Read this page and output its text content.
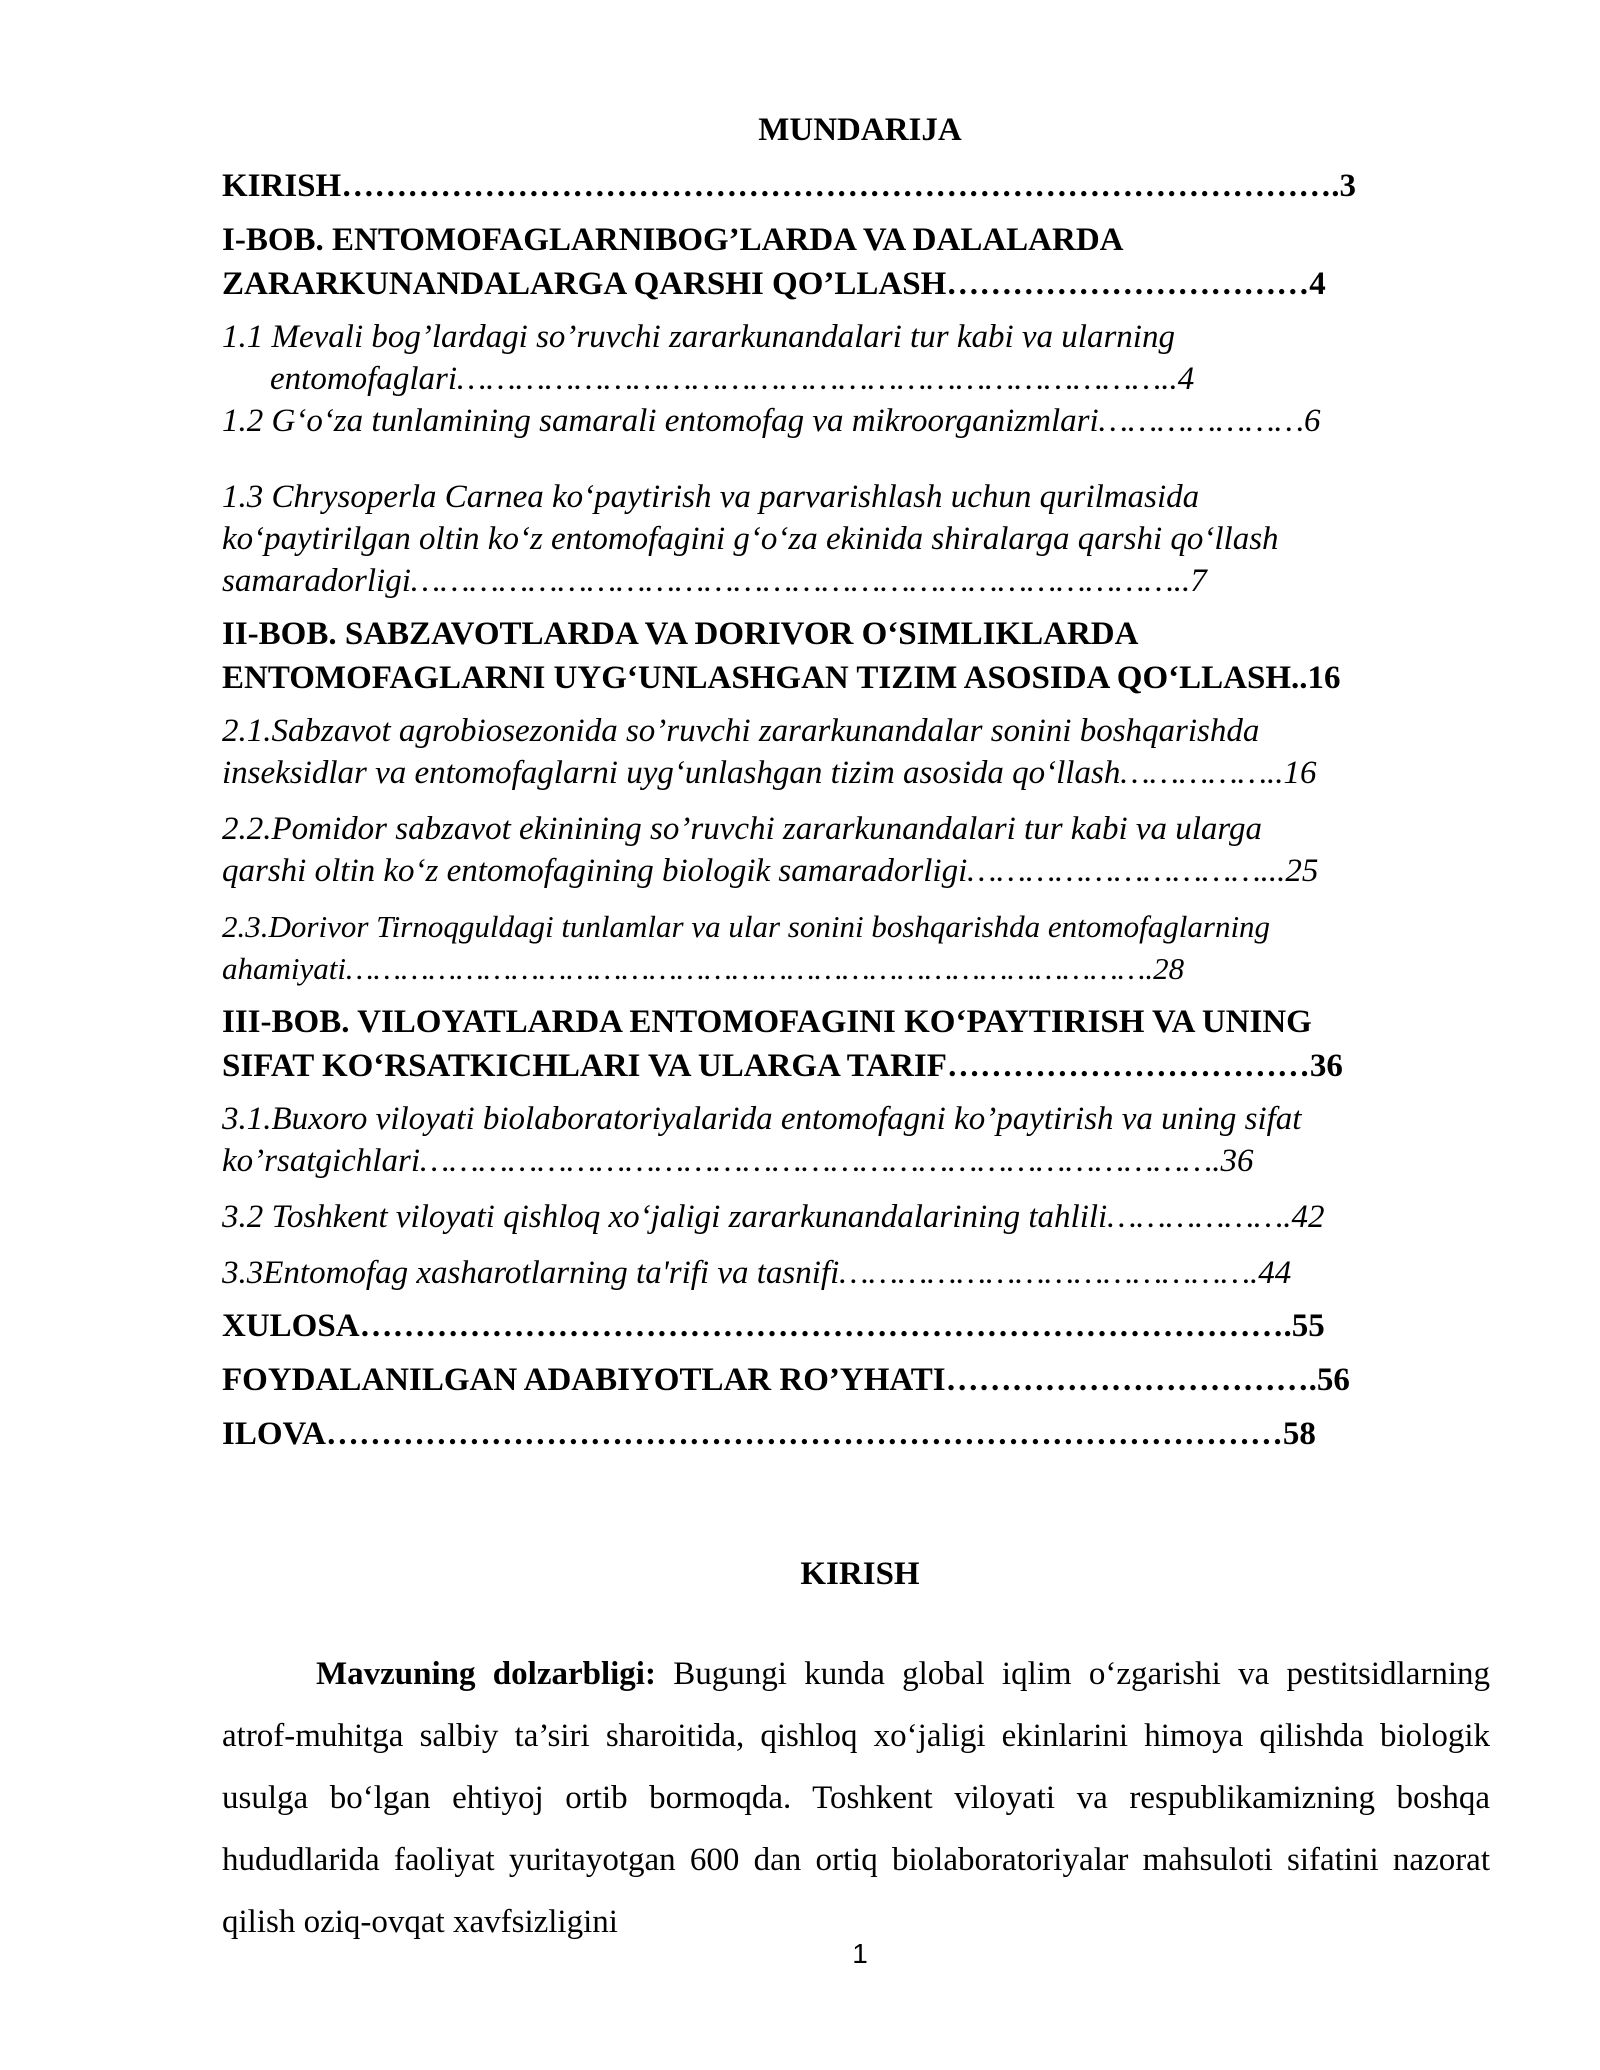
MUNDARIJA
KIRISH……………………………………………………………………………….3
I-BOB. ENTOMOFAGLARNIBOG’LARDA VA DALALARDA
ZARARKUNANDALARGA QARSHI QO’LLASH……………………………4
1.1 Mevali bog’lardagi so’ruvchi zararkunandalari tur kabi va ularning
entomofaglari………………………………………………………………..4
1.2 G‘o‘za tunlamining samarali entomofag va mikroorganizmlari…………………6
1.3 Chrysoperla Carnea ko‘paytirish va parvarishlash uchun qurilmasida
ko‘paytirilgan oltin ko‘z entomofagini g‘o‘za ekinida shiralarga qarshi qo‘llash
samaradorligi……………………………………………………………………..7
II-BOB. SABZAVOTLARDA VA DORIVOR O‘SIMLIKLARDA
ENTOMOFAGLARNI UYG‘UNLASHGAN TIZIM ASOSIDA QO‘LLASH..16
2.1.Sabzavot agrobiosezonida so’ruvchi zararkunandalar sonini boshqarishda
inseksidlar va entomofaglarni uyg‘unlashgan tizim asosida qo‘llash……………..16
2.2.Pomidor sabzavot ekinining so’ruvchi zararkunandalari tur kabi va ularga
qarshi oltin ko‘z entomofagining biologik samaradorligi…………………………...25
2.3.Dorivor Tirnoqguldagi tunlamlar va ular sonini boshqarishda entomofaglarning
ahamiyati…………………………………………………………………………….28
III-BOB. VILOYATLARDA ENTOMOFAGINI KO‘PAYTIRISH VA UNING
SIFAT KO‘RSATKICHLARI VA ULARGA TARIF……………………………36
3.1.Buxoro viloyati biolaboratoriyalarida entomofagni ko’paytirish va uning sifat
ko’rsatgichlari……………………………………………………………………….36
3.2 Toshkent viloyati qishloq xo‘jaligi zararkunandalarining tahlili……………….42
3.3Entomofag xasharotlarning ta'rifi va tasnifi…………………………………….44
XULOSA………………………………………………………………………….55
FOYDALANILGAN ADABIYOTLAR RO’YHATI…………………………….56
ILOVA……………………………………………………………………………58
KIRISH

Mavzuning dolzarbligi: Bugungi kunda global iqlim o‘zgarishi va pestitsidlarning atrof-muhitga salbiy ta’siri sharoitida, qishloq xo‘jaligi ekinlarini himoya qilishda biologik usulga bo‘lgan ehtiyoj ortib bormoqda. Toshkent viloyati va respublikamizning boshqa hududlarida faoliyat yuritayotgan 600 dan ortiq biolaboratoriyalar mahsuloti sifatini nazorat qilish oziq-ovqat xavfsizligini

1
